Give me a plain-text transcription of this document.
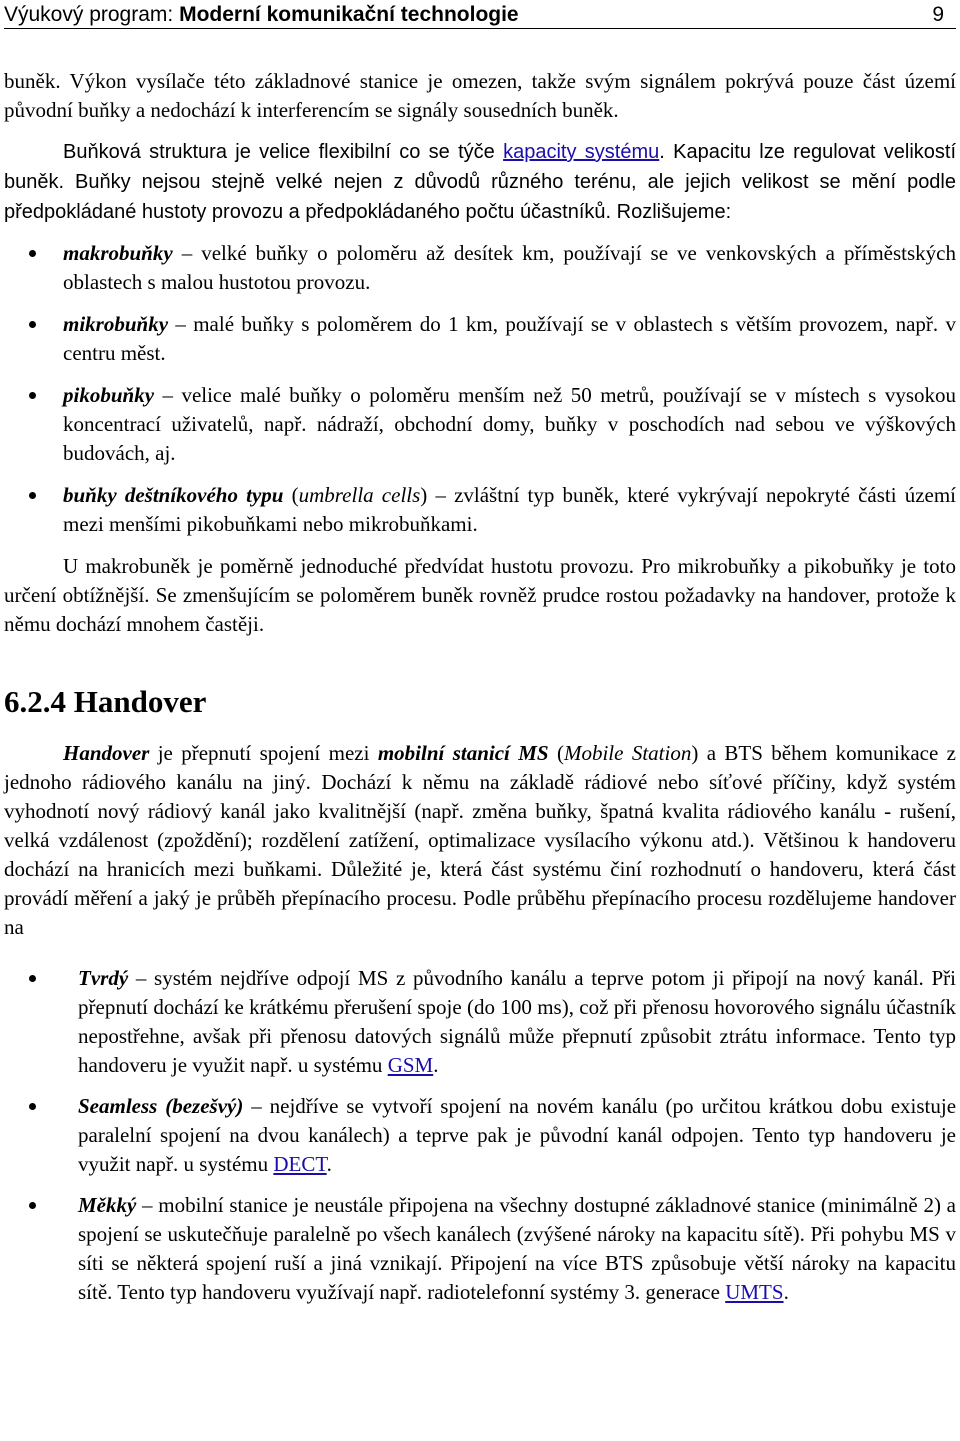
Výukový program: Moderní komunikační technologie	9

buněk. Výkon vysílače této základnové stanice je omezen, takže svým signálem pokrývá pouze část území původní buňky a nedochází k interferencím se signály sousedních buněk.

Buňková struktura je velice flexibilní co se týče kapacity systému. Kapacitu lze regulovat velikostí buněk. Buňky nejsou stejně velké nejen z důvodů různého terénu, ale jejich velikost se mění podle předpokládané hustoty provozu a předpokládaného počtu účastníků. Rozlišujeme:

makrobuňky – velké buňky o poloměru až desítek km, používají se ve venkovských a příměstských oblastech s malou hustotou provozu.
mikrobuňky – malé buňky s poloměrem do 1 km, používají se v oblastech s větším provozem, např. v centru měst.
pikobuňky – velice malé buňky o poloměru menším než 50 metrů, používají se v místech s vysokou koncentrací uživatelů, např. nádraží, obchodní domy, buňky v poschodích nad sebou ve výškových budovách, aj.
buňky deštníkového typu (umbrella cells) – zvláštní typ buněk, které vykrývají nepokryté části území mezi menšími pikobuňkami nebo mikrobuňkami.

U makrobuněk je poměrně jednoduché předvídat hustotu provozu. Pro mikrobuňky a pikobuňky je toto určení obtížnější. Se zmenšujícím se poloměrem buněk rovněž prudce rostou požadavky na handover, protože k němu dochází mnohem častěji.

6.2.4 Handover

Handover je přepnutí spojení mezi mobilní stanicí MS (Mobile Station) a BTS během komunikace z jednoho rádiového kanálu na jiný. Dochází k němu na základě rádiové nebo síťové příčiny, když systém vyhodnotí nový rádiový kanál jako kvalitnější (např. změna buňky, špatná kvalita rádiového kanálu - rušení, velká vzdálenost (zpoždění); rozdělení zatížení, optimalizace vysílacího výkonu atd.). Většinou k handoveru dochází na hranicích mezi buňkami. Důležité je, která část systému činí rozhodnutí o handoveru, která část provádí měření a jaký je průběh přepínacího procesu. Podle průběhu přepínacího procesu rozdělujeme handover na

Tvrdý – systém nejdříve odpojí MS z původního kanálu a teprve potom ji připojí na nový kanál. Při přepnutí dochází ke krátkému přerušení spoje (do 100 ms), což při přenosu hovorového signálu účastník nepostřehne, avšak při přenosu datových signálů může přepnutí způsobit ztrátu informace. Tento typ handoveru je využit např. u systému GSM.
Seamless (bezešvý) – nejdříve se vytvoří spojení na novém kanálu (po určitou krátkou dobu existuje paralelní spojení na dvou kanálech) a teprve pak je původní kanál odpojen. Tento typ handoveru je využit např. u systému DECT.
Měkký – mobilní stanice je neustále připojena na všechny dostupné základnové stanice (minimálně 2) a spojení se uskutečňuje paralelně po všech kanálech (zvýšené nároky na kapacitu sítě). Při pohybu MS v síti se některá spojení ruší a jiná vznikají. Připojení na více BTS způsobuje větší nároky na kapacitu sítě. Tento typ handoveru využívají např. radiotelefonní systémy 3. generace UMTS.
